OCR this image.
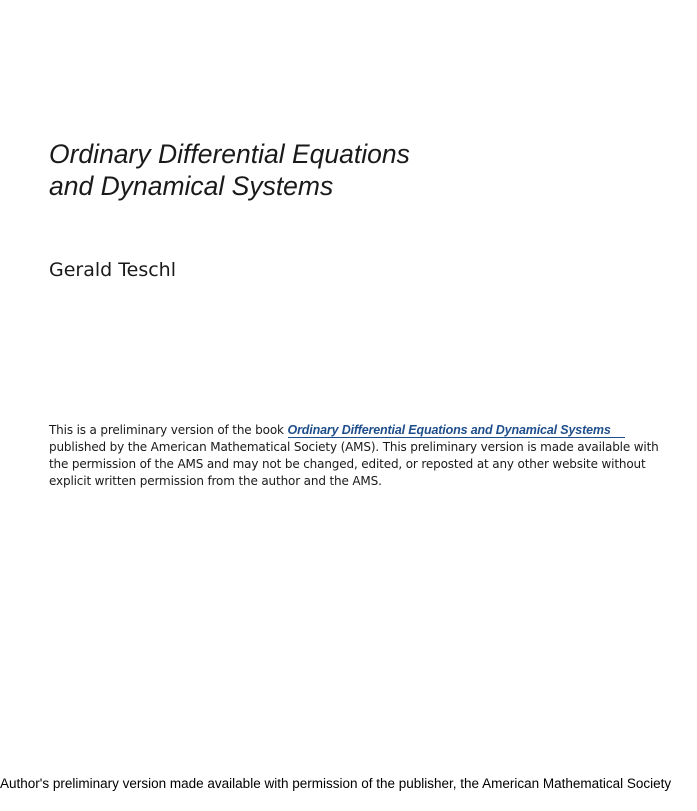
Ordinary Differential Equations
and Dynamical Systems

Gerald Teschl

This is a preliminary version of the book Ordinary Differential Equations and Dynamical Systems
published by the American Mathematical Society (AMS). This preliminary version is made available with
the permission of the AMS and may not be changed, edited, or reposted at any other website without
explicit written permission from the author and the AMS.

Author's preliminary version made available with permission of the publisher, the American Mathematical Society
